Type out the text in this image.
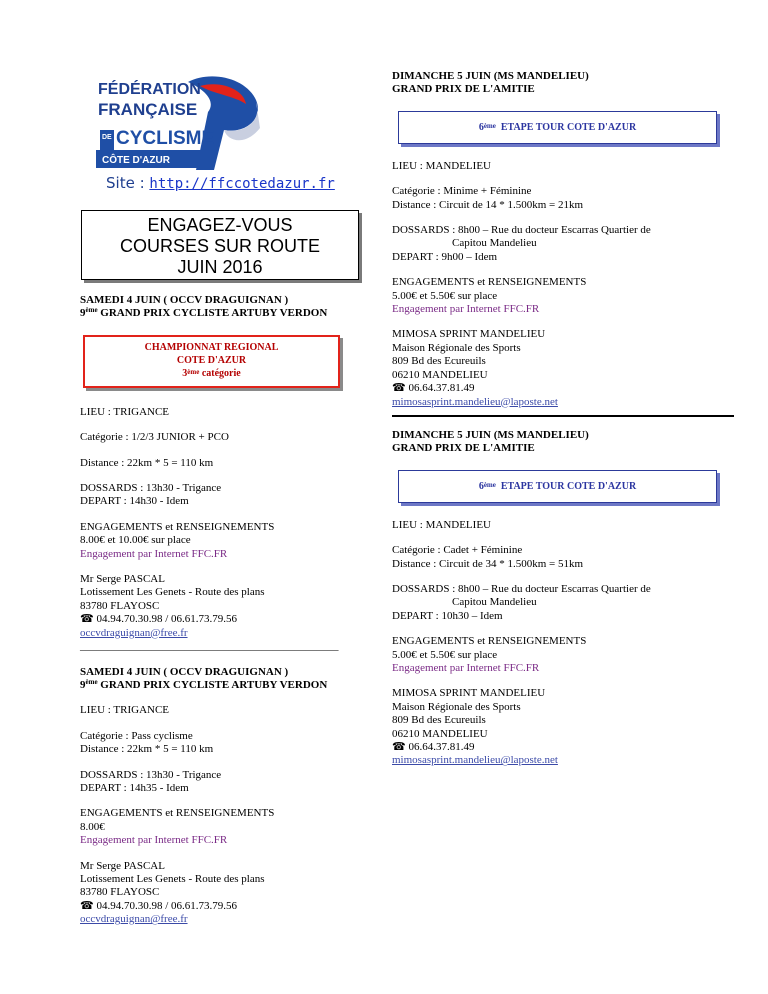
FÉDÉRATION
FRANÇAISE
DE CYCLISME
CÔTE D'AZUR
Site : http://ffccotedazur.fr
ENGAGEZ-VOUS
COURSES SUR ROUTE
JUIN 2016

SAMEDI 4 JUIN ( OCCV DRAGUIGNAN )

9ème GRAND PRIX CYCLISTE ARTUBY VERDON

CHAMPIONNAT REGIONAL
COTE D'AZUR
3ème catégorie

LIEU : TRIGANCE

Catégorie : 1/2/3 JUNIOR + PCO

Distance : 22km * 5 = 110 km

DOSSARDS : 13h30 - Trigance

DEPART : 14h30 - Idem

ENGAGEMENTS et RENSEIGNEMENTS

8.00€ et 10.00€ sur place

Engagement par Internet FFC.FR

Mr Serge PASCAL

Lotissement Les Genets - Route des plans

83780 FLAYOSC

☎ 04.94.70.30.98 / 06.61.73.79.56

occvdraguignan@free.fr

_______________________________________________

SAMEDI 4 JUIN ( OCCV DRAGUIGNAN )

9ème GRAND PRIX CYCLISTE ARTUBY VERDON

LIEU : TRIGANCE

Catégorie : Pass cyclisme

Distance : 22km * 5 = 110 km

DOSSARDS : 13h30 - Trigance

DEPART : 14h35 - Idem

ENGAGEMENTS et RENSEIGNEMENTS

8.00€

Engagement par Internet FFC.FR

Mr Serge PASCAL

Lotissement Les Genets - Route des plans

83780 FLAYOSC

☎ 04.94.70.30.98 / 06.61.73.79.56

occvdraguignan@free.fr

DIMANCHE 5 JUIN (MS MANDELIEU)

GRAND PRIX DE L'AMITIE

6ème  ETAPE TOUR COTE D'AZUR

LIEU : MANDELIEU

Catégorie : Minime + Féminine

Distance : Circuit de 14 * 1.500km = 21km

DOSSARDS : 8h00 – Rue du docteur Escarras Quartier de

Capitou Mandelieu

DEPART : 9h00 – Idem

ENGAGEMENTS et RENSEIGNEMENTS

5.00€ et 5.50€ sur place

Engagement par Internet FFC.FR

MIMOSA SPRINT MANDELIEU

Maison Régionale des Sports

809 Bd des Ecureuils

06210 MANDELIEU

☎ 06.64.37.81.49

mimosasprint.mandelieu@laposte.net

DIMANCHE 5 JUIN (MS MANDELIEU)

GRAND PRIX DE L'AMITIE

6ème  ETAPE TOUR COTE D'AZUR

LIEU : MANDELIEU

Catégorie : Cadet + Féminine

Distance : Circuit de 34 * 1.500km = 51km

DOSSARDS : 8h00 – Rue du docteur Escarras Quartier de

Capitou Mandelieu

DEPART : 10h30 – Idem

ENGAGEMENTS et RENSEIGNEMENTS

5.00€ et 5.50€ sur place

Engagement par Internet FFC.FR

MIMOSA SPRINT MANDELIEU

Maison Régionale des Sports

809 Bd des Ecureuils

06210 MANDELIEU

☎ 06.64.37.81.49

mimosasprint.mandelieu@laposte.net
